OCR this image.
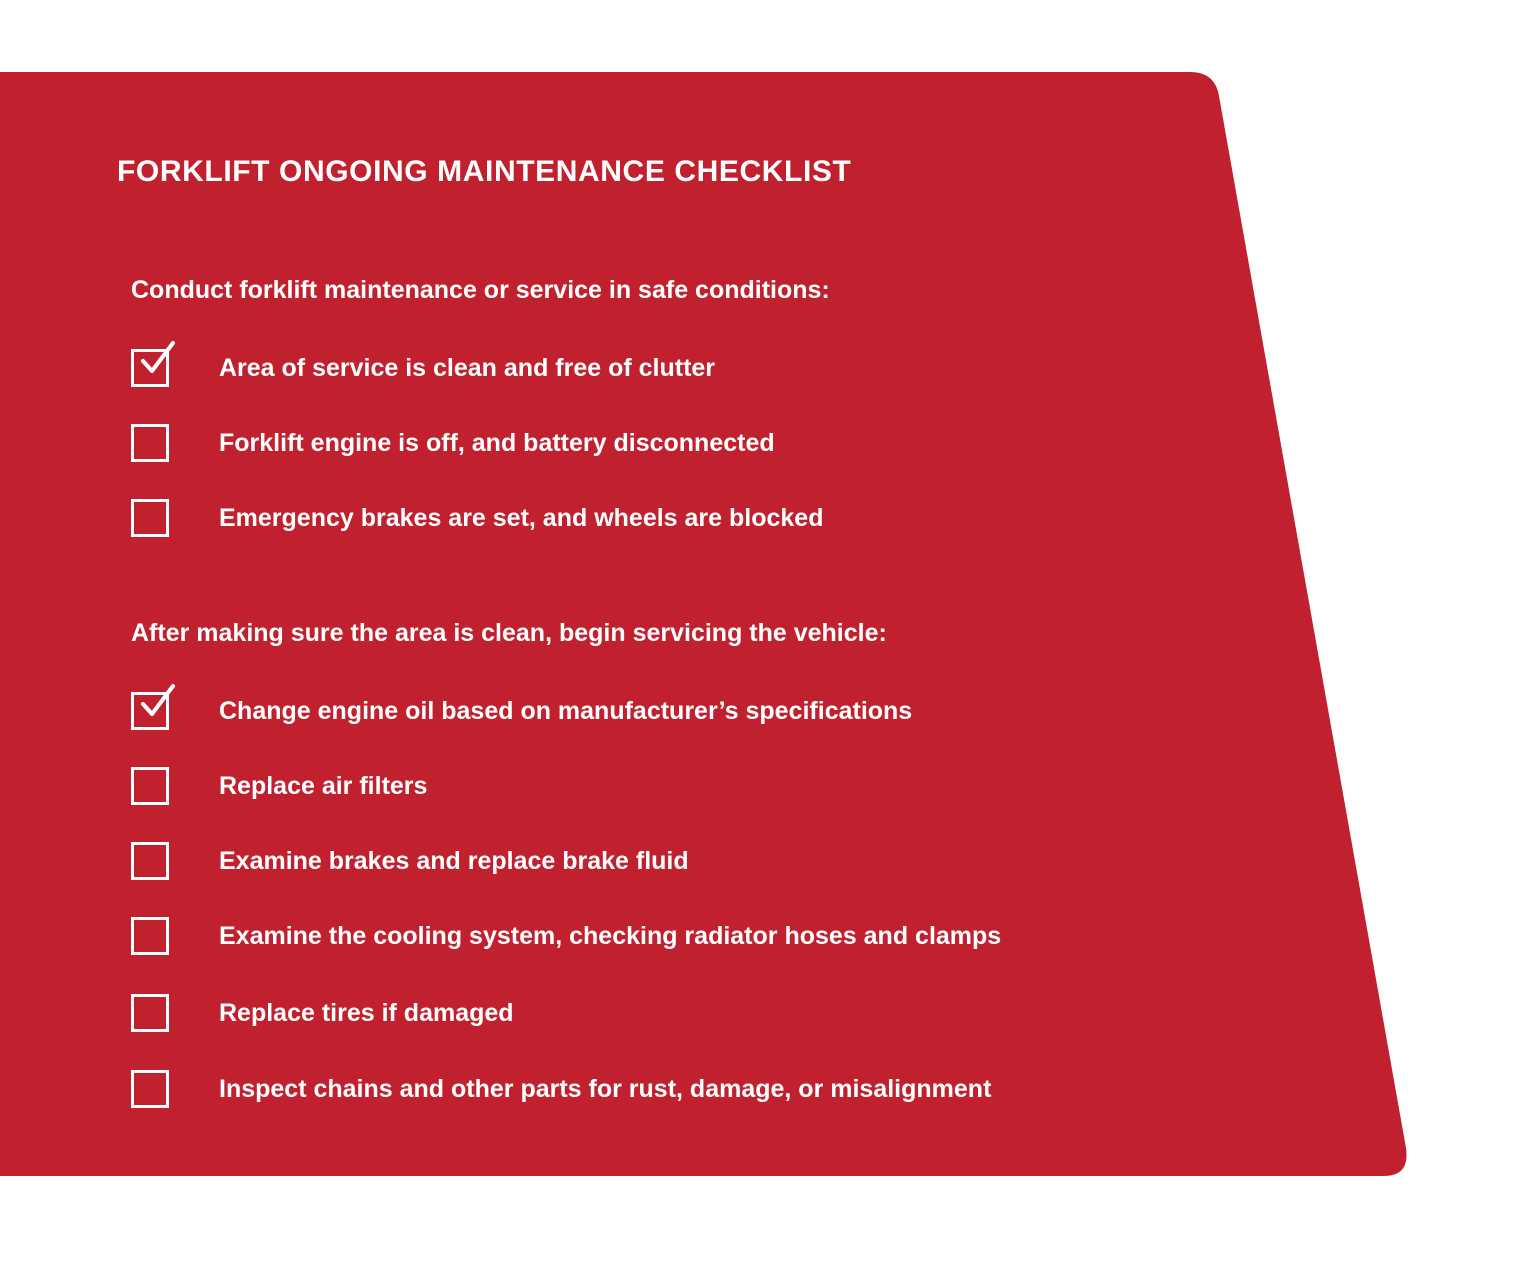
FORKLIFT ONGOING MAINTENANCE CHECKLIST
Conduct forklift maintenance or service in safe conditions:
Area of service is clean and free of clutter
Forklift engine is off, and battery disconnected
Emergency brakes are set, and wheels are blocked
After making sure the area is clean, begin servicing the vehicle:
Change engine oil based on manufacturer’s specifications
Replace air filters
Examine brakes and replace brake fluid
Examine the cooling system, checking radiator hoses and clamps
Replace tires if damaged
Inspect chains and other parts for rust, damage, or misalignment
